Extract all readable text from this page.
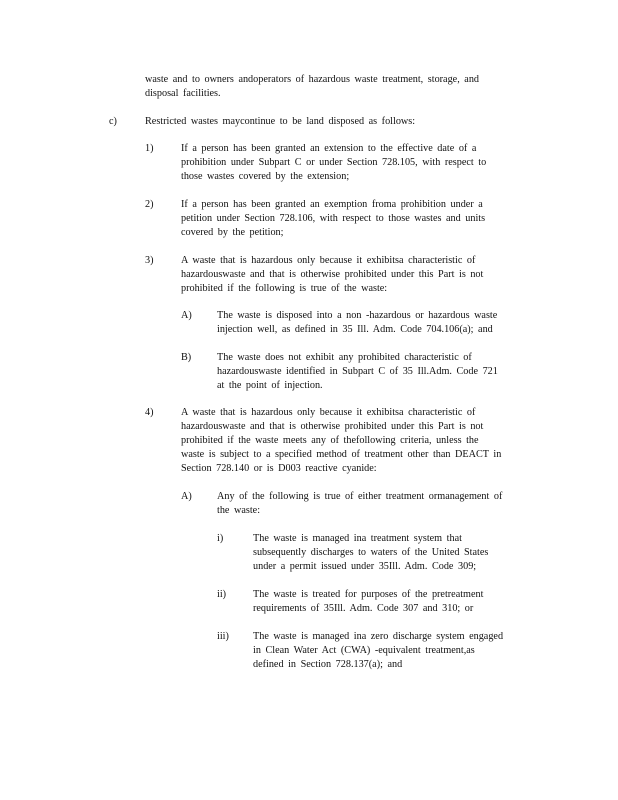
waste and to owners andoperators of hazardous waste treatment, storage, and
disposal facilities.
c)	Restricted wastes maycontinue to be land disposed as follows:
1)	If a person has been granted an extension to the effective date of a
prohibition under Subpart C or under Section 728.105, with respect to
those wastes covered by the extension;
2)	If a person has been granted an exemption froma prohibition under a
petition under Section 728.106, with respect to those wastes and units
covered by the petition;
3)	A waste that is hazardous only because it exhibitsa characteristic of
hazardouswaste and that is otherwise prohibited under this Part is not
prohibited if the following is true of the waste:
A) The waste is disposed into a non -hazardous or hazardous waste
injection well, as defined in 35 Ill. Adm. Code 704.106(a); and
B)	The waste does not exhibit any prohibited characteristic of
hazardouswaste identified in Subpart C of 35 Ill.Adm. Code 721
at the point of injection.
4)	A waste that is hazardous only because it exhibitsa characteristic of
hazardouswaste and that is otherwise prohibited under this Part is not
prohibited if the waste meets any of thefollowing criteria, unless the
waste is subject to a specified method of treatment other than DEACT in
Section 728.140 or is D003 reactive cyanide:
A) Any of the following is true of either treatment ormanagement of
the waste:
i)	The waste is managed ina treatment system that
subsequently discharges to waters of the United States
under a permit issued under 35Ill. Adm. Code 309;
ii)	The waste is treated for purposes of the pretreatment
requirements of 35Ill. Adm. Code 307 and 310; or
iii) The waste is managed ina zero discharge system engaged
in Clean Water Act (CWA) -equivalent treatment,as
defined in Section 728.137(a); and
